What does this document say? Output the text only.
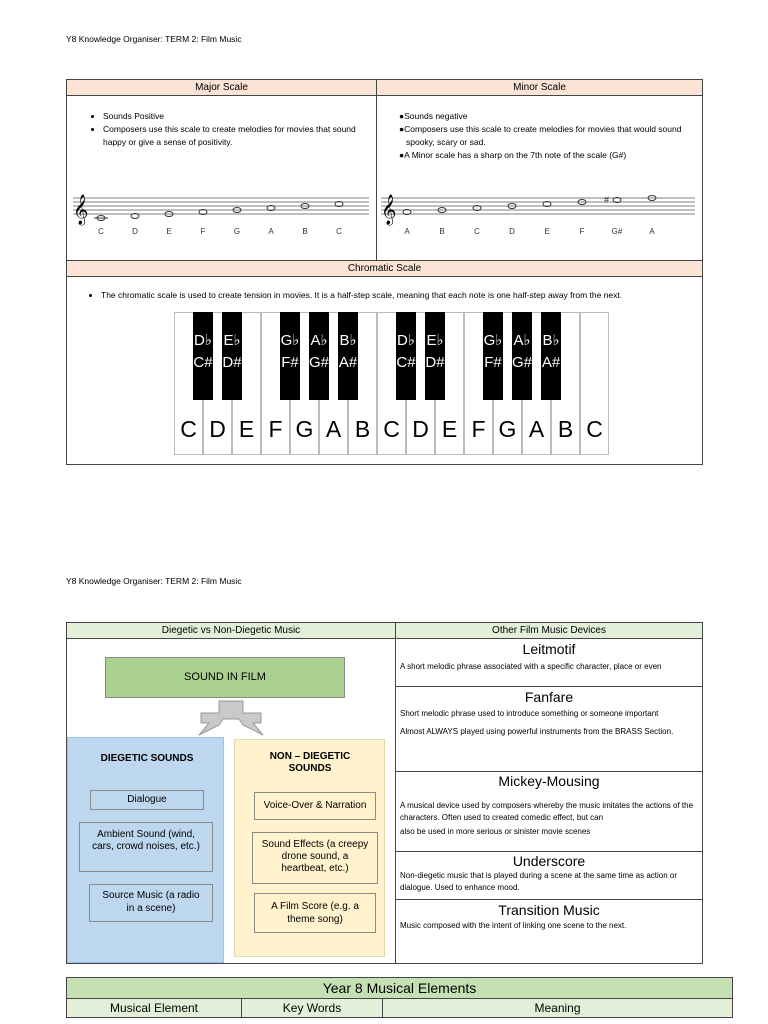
Y8 Knowledge Organiser: TERM 2: Film Music
Major Scale	Minor Scale
• Sounds Positive
• Composers use this scale to create melodies for movies that sound happy or give a sense of positivity.
𝄞
C	D	E	F	G	A	B	C
●Sounds negative
●Composers use this scale to create melodies for movies that would sound spooky, scary or sad.
●A Minor scale has a sharp on the 7th note of the scale (G#)
𝄞	#
A	B	C	D	E	F	G#	A
Chromatic Scale
• The chromatic scale is used to create tension in movies. It is a half-step scale, meaning that each note is one half-step away from the next.
C D E F G A B C D E F G A B C
D♭
C#
E♭
D#
G♭
F#
A♭
G#
B♭
A#
D♭
C#
E♭
D#
G♭
F#
A♭
G#
B♭
A#
Y8 Knowledge Organiser: TERM 2: Film Music
Diegetic vs Non-Diegetic Music	Other Film Music Devices
SOUND IN FILM
DIEGETIC SOUNDS
Dialogue
Ambient Sound (wind, cars, crowd noises, etc.)
Source Music (a radio in a scene)
NON – DIEGETIC SOUNDS
Voice-Over & Narration
Sound Effects (a creepy drone sound, a heartbeat, etc.)
A Film Score (e.g. a theme song)
Leitmotif
A short melodic phrase associated with a specific character, place or even
Fanfare
Short melodic phrase used to introduce something or someone important
Almost ALWAYS played using powerful instruments from the BRASS Section.
Mickey-Mousing
A musical device used by composers whereby the music imitates the actions of the characters. Often used to created comedic effect, but can
also be used in more serious or sinister movie scenes
Underscore
Non-diegetic music that is played during a scene at the same time as action or dialogue. Used to enhance mood.
Transition Music
Music composed with the intent of linking one scene to the next.
Year 8 Musical Elements
Musical Element	Key Words	Meaning
